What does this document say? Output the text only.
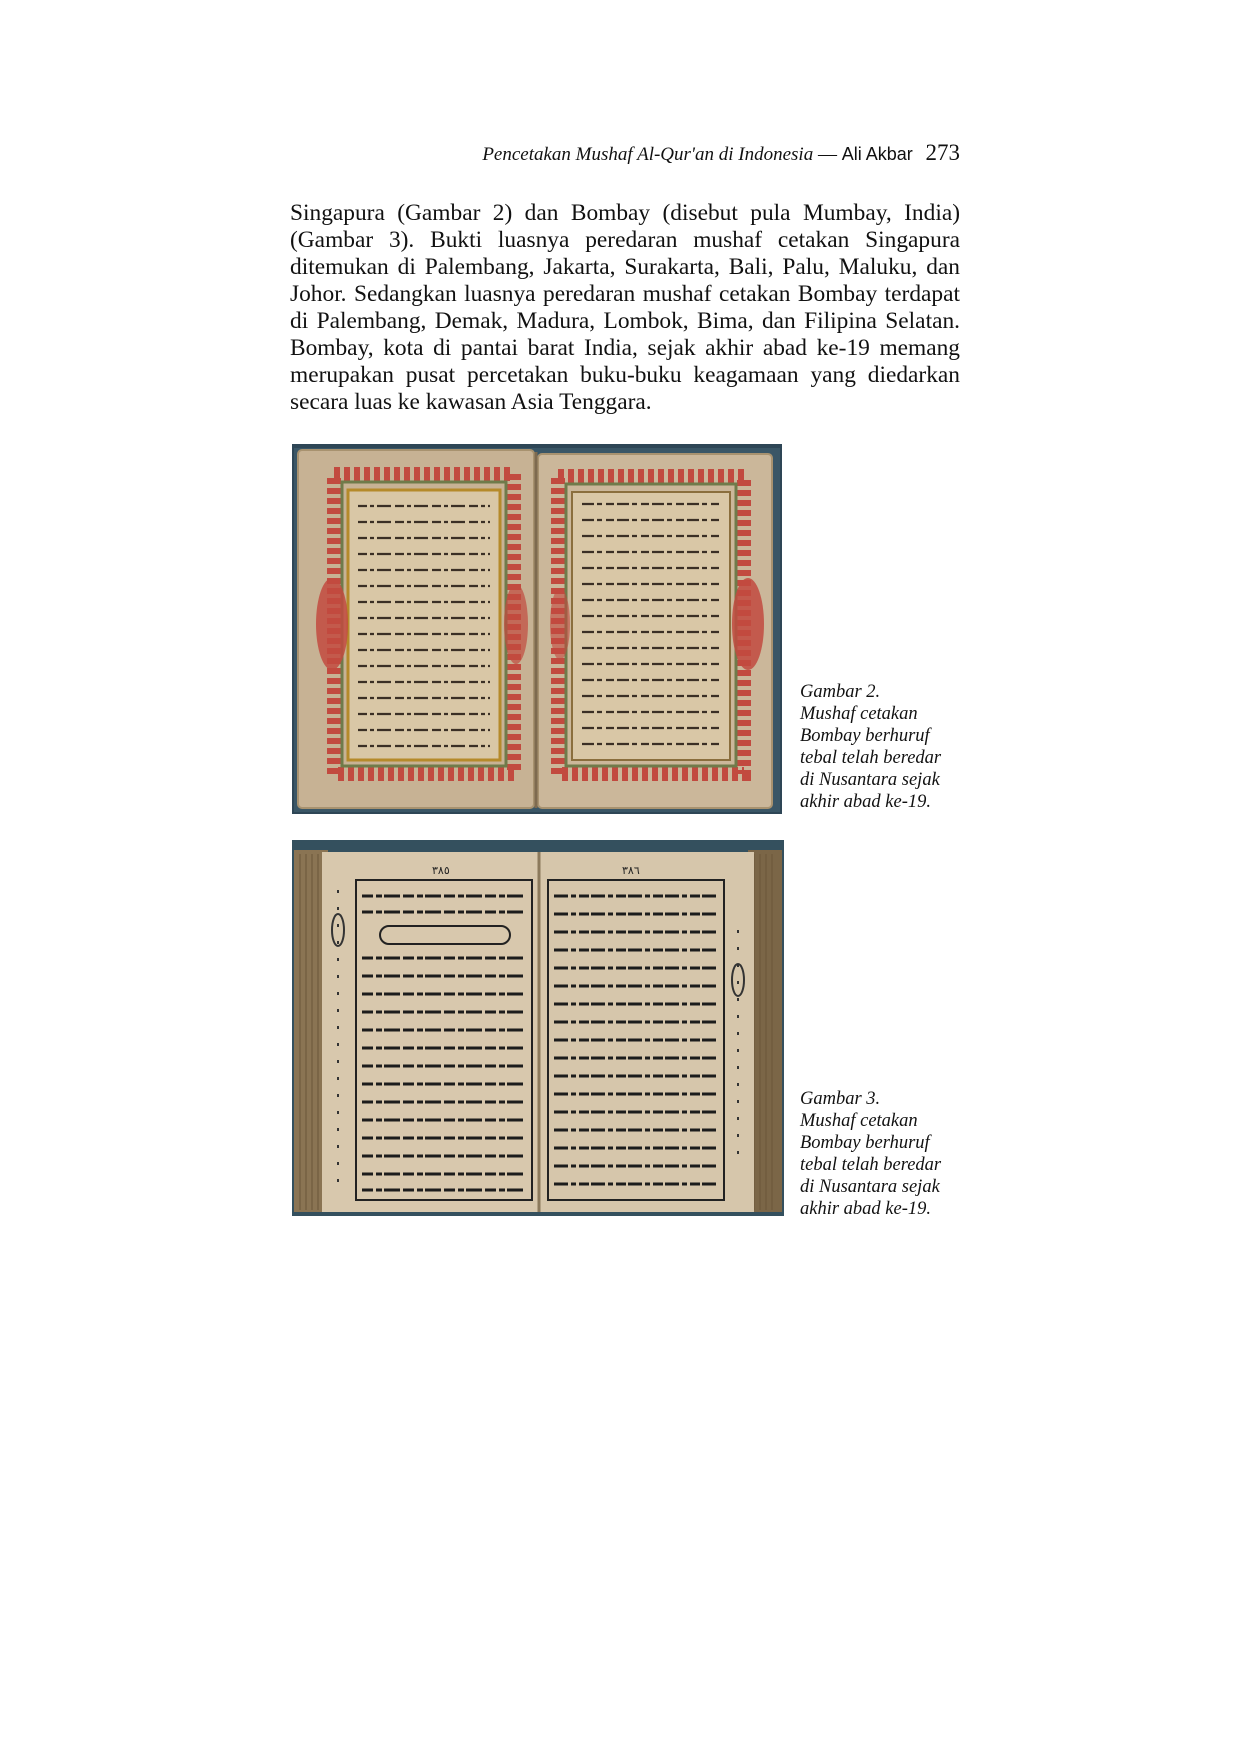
Pencetakan Mushaf Al-Qur'an di Indonesia — Ali Akbar 273

Singapura (Gambar 2) dan Bombay (disebut pula Mumbay, India) (Gambar 3). Bukti luasnya peredaran mushaf cetakan Singapura ditemukan di Palembang, Jakarta, Surakarta, Bali, Palu, Maluku, dan Johor. Sedangkan luasnya peredaran mushaf cetakan Bombay terdapat di Palembang, Demak, Madura, Lombok, Bima, dan Filipina Selatan. Bombay, kota di pantai barat India, sejak akhir abad ke-19 memang merupakan pusat percetakan buku-buku keagamaan yang diedarkan secara luas ke kawasan Asia Tenggara.

Gambar 2.
Mushaf cetakan
Bombay berhuruf
tebal telah beredar
di Nusantara sejak
akhir abad ke-19.
٣٨٥	٣٨٦
Gambar 3.
Mushaf cetakan
Bombay berhuruf
tebal telah beredar
di Nusantara sejak
akhir abad ke-19.
